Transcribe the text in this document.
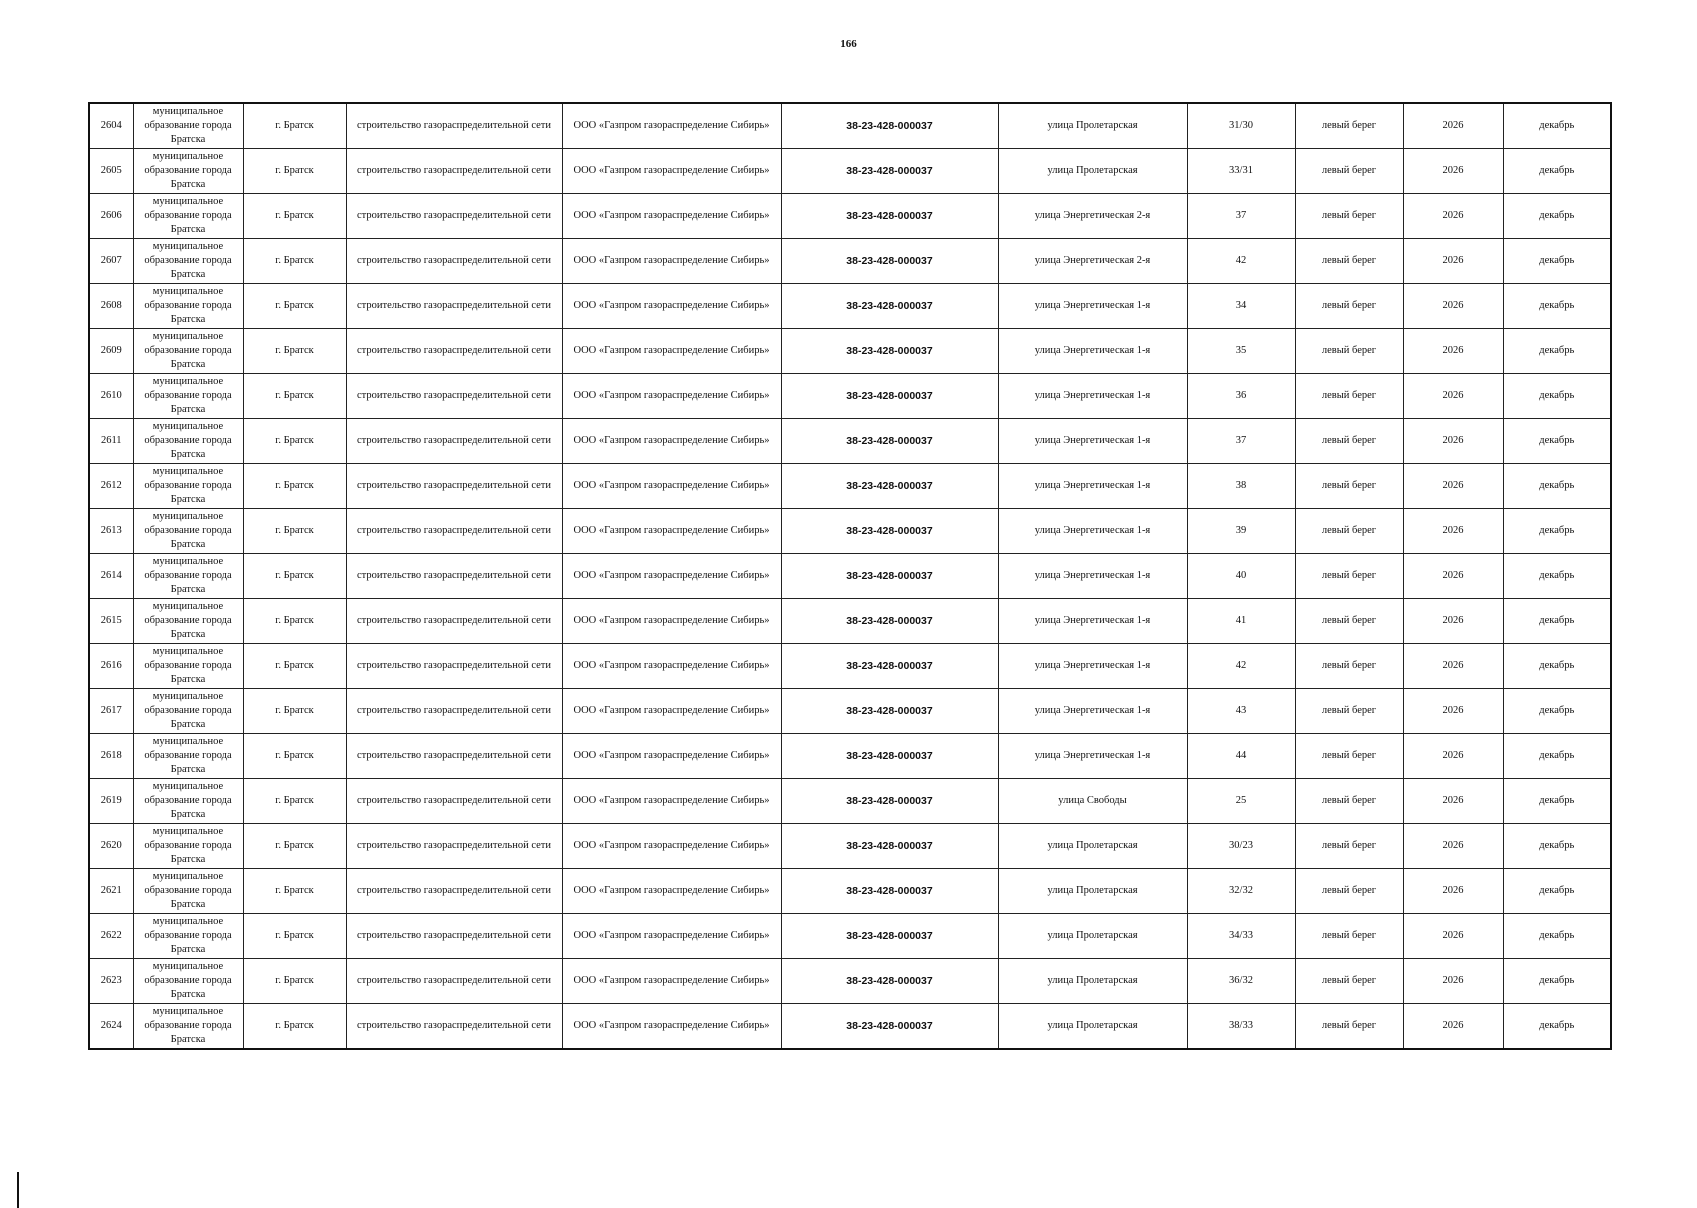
166
2604	муниципальное образование города Братска	г. Братск	строительство газораспределительной сети	ООО «Газпром газораспределение Сибирь»	38-23-428-000037	улица Пролетарская	31/30	левый берег	2026	декабрь
2605	муниципальное образование города Братска	г. Братск	строительство газораспределительной сети	ООО «Газпром газораспределение Сибирь»	38-23-428-000037	улица Пролетарская	33/31	левый берег	2026	декабрь
2606	муниципальное образование города Братска	г. Братск	строительство газораспределительной сети	ООО «Газпром газораспределение Сибирь»	38-23-428-000037	улица Энергетическая 2-я	37	левый берег	2026	декабрь
2607	муниципальное образование города Братска	г. Братск	строительство газораспределительной сети	ООО «Газпром газораспределение Сибирь»	38-23-428-000037	улица Энергетическая 2-я	42	левый берег	2026	декабрь
2608	муниципальное образование города Братска	г. Братск	строительство газораспределительной сети	ООО «Газпром газораспределение Сибирь»	38-23-428-000037	улица Энергетическая 1-я	34	левый берег	2026	декабрь
2609	муниципальное образование города Братска	г. Братск	строительство газораспределительной сети	ООО «Газпром газораспределение Сибирь»	38-23-428-000037	улица Энергетическая 1-я	35	левый берег	2026	декабрь
2610	муниципальное образование города Братска	г. Братск	строительство газораспределительной сети	ООО «Газпром газораспределение Сибирь»	38-23-428-000037	улица Энергетическая 1-я	36	левый берег	2026	декабрь
2611	муниципальное образование города Братска	г. Братск	строительство газораспределительной сети	ООО «Газпром газораспределение Сибирь»	38-23-428-000037	улица Энергетическая 1-я	37	левый берег	2026	декабрь
2612	муниципальное образование города Братска	г. Братск	строительство газораспределительной сети	ООО «Газпром газораспределение Сибирь»	38-23-428-000037	улица Энергетическая 1-я	38	левый берег	2026	декабрь
2613	муниципальное образование города Братска	г. Братск	строительство газораспределительной сети	ООО «Газпром газораспределение Сибирь»	38-23-428-000037	улица Энергетическая 1-я	39	левый берег	2026	декабрь
2614	муниципальное образование города Братска	г. Братск	строительство газораспределительной сети	ООО «Газпром газораспределение Сибирь»	38-23-428-000037	улица Энергетическая 1-я	40	левый берег	2026	декабрь
2615	муниципальное образование города Братска	г. Братск	строительство газораспределительной сети	ООО «Газпром газораспределение Сибирь»	38-23-428-000037	улица Энергетическая 1-я	41	левый берег	2026	декабрь
2616	муниципальное образование города Братска	г. Братск	строительство газораспределительной сети	ООО «Газпром газораспределение Сибирь»	38-23-428-000037	улица Энергетическая 1-я	42	левый берег	2026	декабрь
2617	муниципальное образование города Братска	г. Братск	строительство газораспределительной сети	ООО «Газпром газораспределение Сибирь»	38-23-428-000037	улица Энергетическая 1-я	43	левый берег	2026	декабрь
2618	муниципальное образование города Братска	г. Братск	строительство газораспределительной сети	ООО «Газпром газораспределение Сибирь»	38-23-428-000037	улица Энергетическая 1-я	44	левый берег	2026	декабрь
2619	муниципальное образование города Братска	г. Братск	строительство газораспределительной сети	ООО «Газпром газораспределение Сибирь»	38-23-428-000037	улица Свободы	25	левый берег	2026	декабрь
2620	муниципальное образование города Братска	г. Братск	строительство газораспределительной сети	ООО «Газпром газораспределение Сибирь»	38-23-428-000037	улица Пролетарская	30/23	левый берег	2026	декабрь
2621	муниципальное образование города Братска	г. Братск	строительство газораспределительной сети	ООО «Газпром газораспределение Сибирь»	38-23-428-000037	улица Пролетарская	32/32	левый берег	2026	декабрь
2622	муниципальное образование города Братска	г. Братск	строительство газораспределительной сети	ООО «Газпром газораспределение Сибирь»	38-23-428-000037	улица Пролетарская	34/33	левый берег	2026	декабрь
2623	муниципальное образование города Братска	г. Братск	строительство газораспределительной сети	ООО «Газпром газораспределение Сибирь»	38-23-428-000037	улица Пролетарская	36/32	левый берег	2026	декабрь
2624	муниципальное образование города Братска	г. Братск	строительство газораспределительной сети	ООО «Газпром газораспределение Сибирь»	38-23-428-000037	улица Пролетарская	38/33	левый берег	2026	декабрь
